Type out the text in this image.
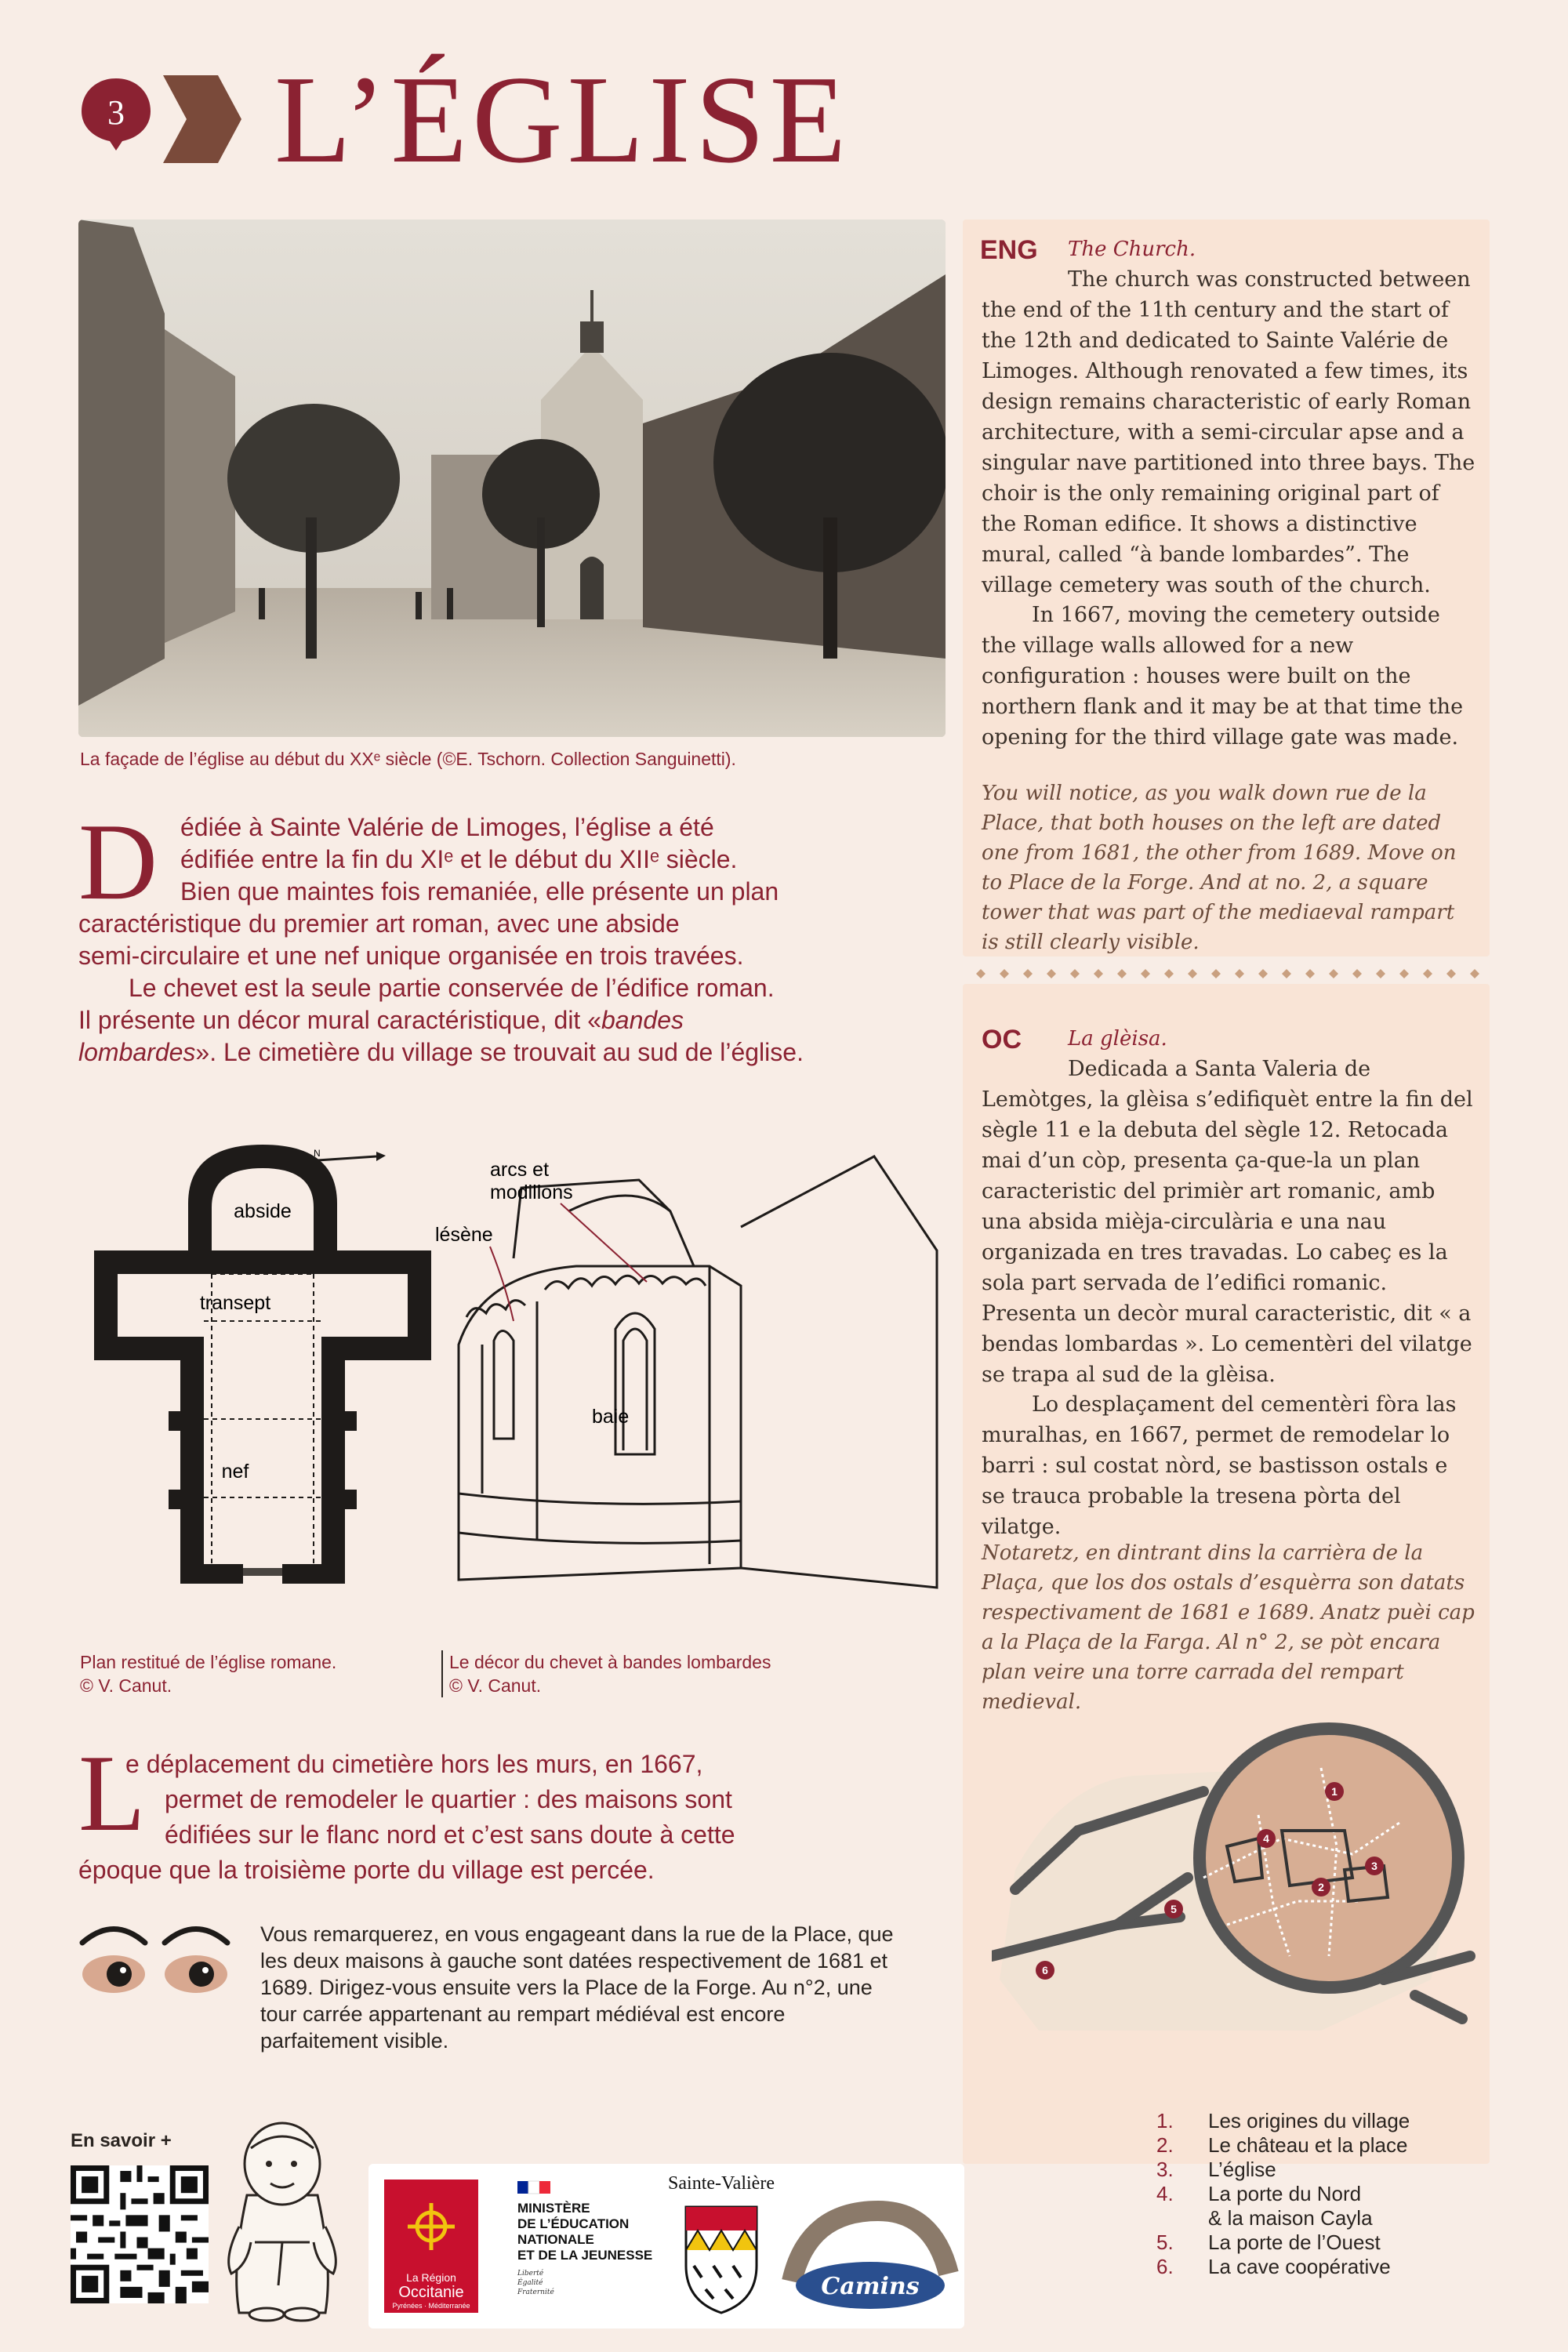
3 L’ÉGLISE
La façade de l’église au début du XXᵉ siècle (©E. Tschorn. Collection Sanguinetti).
D édiée à Sainte Valérie de Limoges, l’église a été

édifiée entre la fin du XIᵉ et le début du XIIᵉ siècle.

Bien que maintes fois remaniée, elle présente un plan

caractéristique du premier art roman, avec une abside

semi-circulaire et une nef unique organisée en trois travées.

Le chevet est la seule partie conservée de l’édifice roman.

Il présente un décor mural caractéristique, dit «bandes

lombardes». Le cimetière du village se trouvait au sud de l’église.

abside
transept
nef
N
arcs et
modillons
lésène
baie
Plan restitué de l’église romane.
© V. Canut.
Le décor du chevet à bandes lombardes
© V. Canut.
L

e déplacement du cimetière hors les murs, en 1667,

permet de remodeler le quartier : des maisons sont

édifiées sur le flanc nord et c’est sans doute à cette

époque que la troisième porte du village est percée.

Vous remarquerez, en vous engageant dans la rue de la Place, que les deux maisons à gauche sont datées respectivement de 1681 et 1689. Dirigez-vous ensuite vers la Place de la Forge. Au n°2, une tour carrée appartenant au rempart médiéval est encore parfaitement visible.
En savoir +
La Région
Occitanie
Pyrénées · Méditerranée
MINISTÈRE
DE L’ÉDUCATION
NATIONALE
ET DE LA JEUNESSE
Liberté
Égalité
Fraternité
Sainte-Valière
Camins
ENG The Church.
The church was constructed between the end of the 11th century and the start of the 12th and dedicated to Sainte Valérie de Limoges. Although renovated a few times, its design remains characteristic of early Roman architecture, with a semi-circular apse and a singular nave partitioned into three bays. The choir is the only remaining original part of the Roman edifice. It shows a distinctive mural, called “à bande lombardes”. The village cemetery was south of the church.
In 1667, moving the cemetery outside the village walls allowed for a new configuration : houses were built on the northern flank and it may be at that time the opening for the third village gate was made.
You will notice, as you walk down rue de la Place, that both houses on the left are dated one from 1681, the other from 1689. Move on to Place de la Forge. And at no. 2, a square tower that was part of the mediaeval rampart is still clearly visible.
OC La glèisa.
Dedicada a Santa Valeria de Lemòtges, la glèisa s’edifiquèt entre la fin del sègle 11 e la debuta del sègle 12. Retocada mai d’un còp, presenta ça-que-la un plan caracteristic del primièr art romanic, amb una absida mièja-circulària e una nau organizada en tres travadas. Lo cabeç es la sola part servada de l’edifici romanic. Presenta un decòr mural caracteristic, dit « a bendas lombardas ». Lo cementèri del vilatge se trapa al sud de la glèisa.
Lo desplaçament del cementèri fòra las muralhas, en 1667, permet de remodelar lo barri : sul costat nòrd, se bastisson ostals e se trauca probable la tresena pòrta del vilatge.
Notaretz, en dintrant dins la carrièra de la Plaça, que los dos ostals d’esquèrra son datats respectivament de 1681 e 1689. Anatz puèi cap a la Plaça de la Farga. Al n° 2, se pòt encara plan veire una torre carrada del rempart medieval.
1
2
3
4
5
6
1.	Les origines du village
2.	Le château et la place
3.	L’église
4.	La porte du Nord
& la maison Cayla
5.	La porte de l’Ouest
6.	La cave coopérative
